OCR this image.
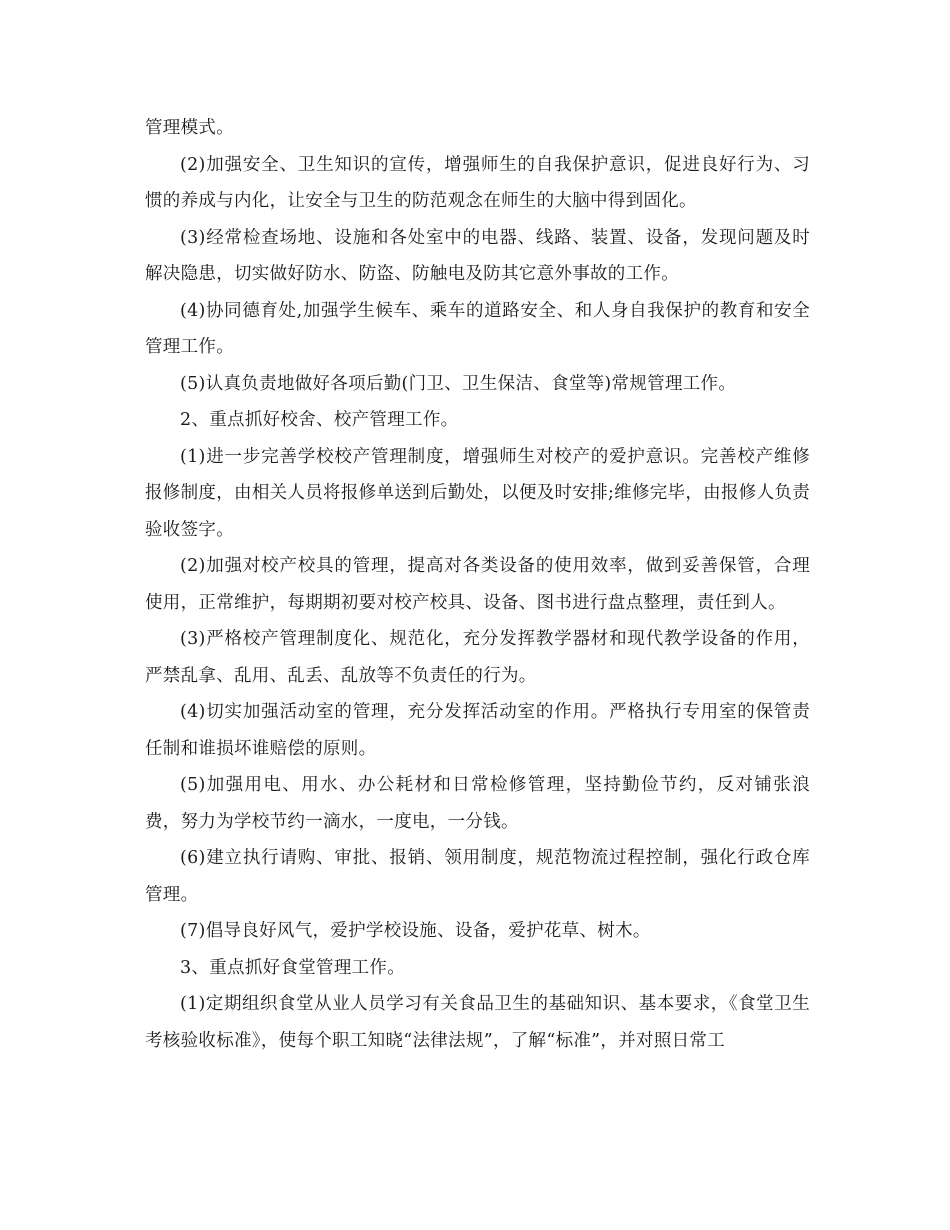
管理模式。

(2)加强安全、卫生知识的宣传，增强师生的自我保护意识，促进良好行为、习惯的养成与内化，让安全与卫生的防范观念在师生的大脑中得到固化。

(3)经常检查场地、设施和各处室中的电器、线路、装置、设备，发现问题及时解决隐患，切实做好防水、防盗、防触电及防其它意外事故的工作。

(4)协同德育处,加强学生候车、乘车的道路安全、和人身自我保护的教育和安全管理工作。

(5)认真负责地做好各项后勤(门卫、卫生保洁、食堂等)常规管理工作。

2、重点抓好校舍、校产管理工作。

(1)进一步完善学校校产管理制度，增强师生对校产的爱护意识。完善校产维修报修制度，由相关人员将报修单送到后勤处，以便及时安排;维修完毕，由报修人负责验收签字。

(2)加强对校产校具的管理，提高对各类设备的使用效率，做到妥善保管，合理使用，正常维护，每期期初要对校产校具、设备、图书进行盘点整理，责任到人。

(3)严格校产管理制度化、规范化，充分发挥教学器材和现代教学设备的作用，严禁乱拿、乱用、乱丢、乱放等不负责任的行为。

(4)切实加强活动室的管理，充分发挥活动室的作用。严格执行专用室的保管责任制和谁损坏谁赔偿的原则。

(5)加强用电、用水、办公耗材和日常检修管理，坚持勤俭节约，反对铺张浪费，努力为学校节约一滴水，一度电，一分钱。

(6)建立执行请购、审批、报销、领用制度，规范物流过程控制，强化行政仓库管理。

(7)倡导良好风气，爱护学校设施、设备，爱护花草、树木。

3、重点抓好食堂管理工作。

(1)定期组织食堂从业人员学习有关食品卫生的基础知识、基本要求，《食堂卫生考核验收标准》，使每个职工知晓“法律法规”，了解“标准”，并对照日常工
